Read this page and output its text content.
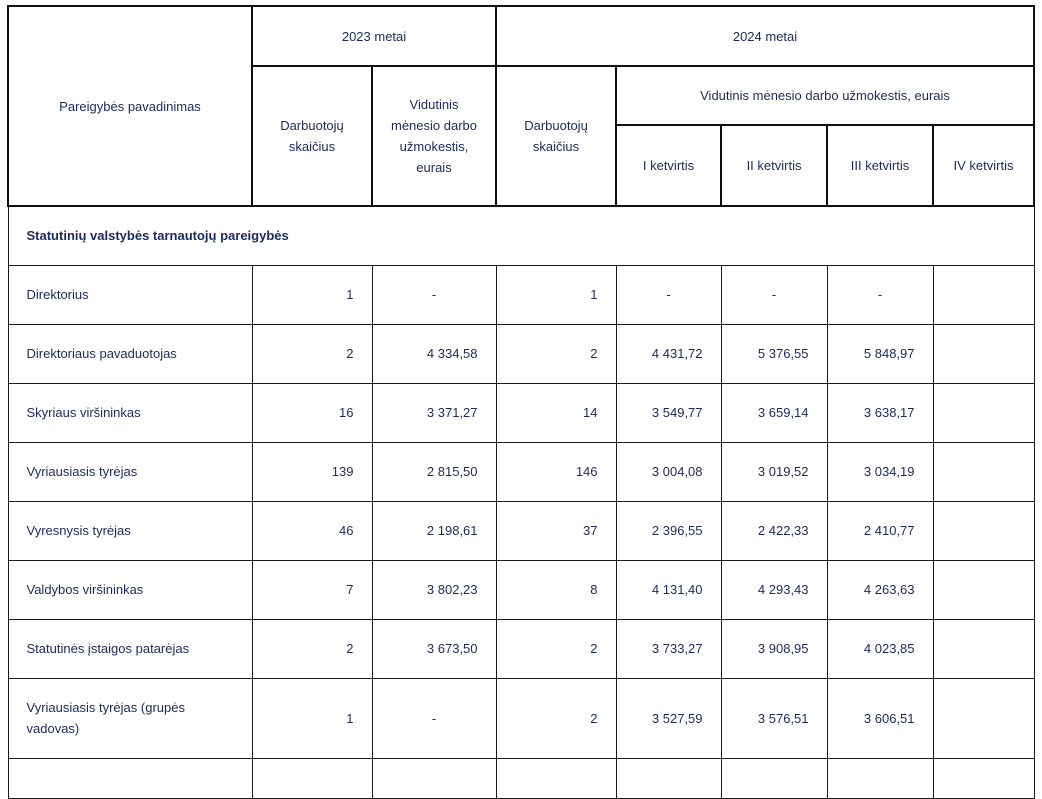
Pareigybės pavadinimas	2023 metai		2024 metai				
	Darbuotojų skaičius	Vidutinis mėnesio darbo užmokestis, eurais	Darbuotojų skaičius	Vidutinis mėnesio darbo užmokestis, eurais			
				I ketvirtis	II ketvirtis	III ketvirtis	IV ketvirtis
Statutinių valstybės tarnautojų pareigybės							
Direktorius	1	-	1	-	-	-	
Direktoriaus pavaduotojas	2	4 334,58	2	4 431,72	5 376,55	5 848,97	
Skyriaus viršininkas	16	3 371,27	14	3 549,77	3 659,14	3 638,17	
Vyriausiasis tyrėjas	139	2 815,50	146	3 004,08	3 019,52	3 034,19	
Vyresnysis tyrėjas	46	2 198,61	37	2 396,55	2 422,33	2 410,77	
Valdybos viršininkas	7	3 802,23	8	4 131,40	4 293,43	4 263,63	
Statutinės įstaigos patarėjas	2	3 673,50	2	3 733,27	3 908,95	4 023,85	
Vyriausiasis tyrėjas (grupės vadovas)	1	-	2	3 527,59	3 576,51	3 606,51	
